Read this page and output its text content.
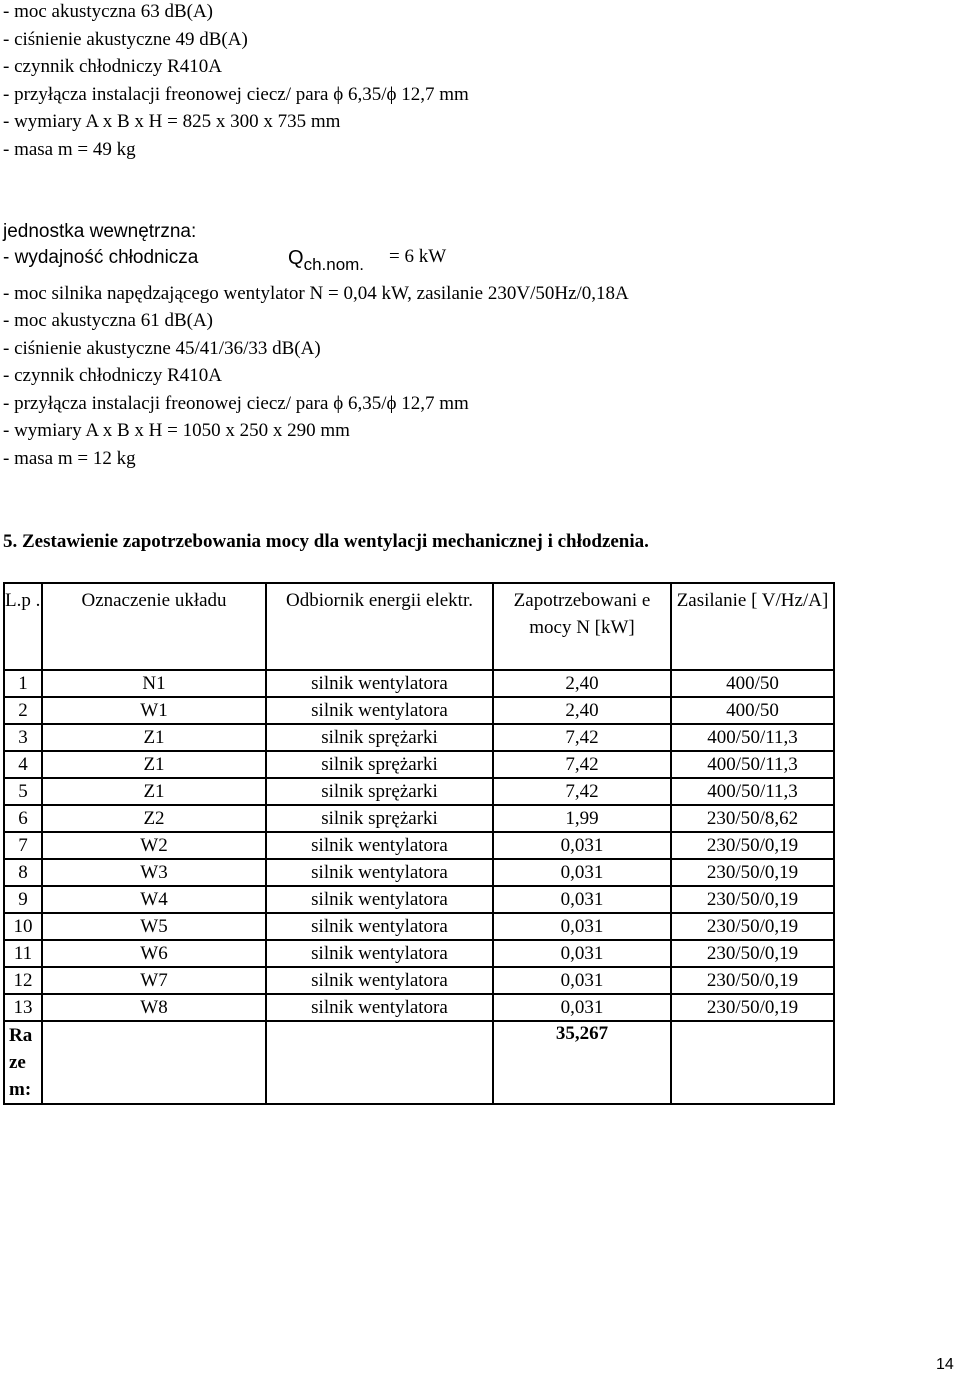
- moc akustyczna 63 dB(A)
- ciśnienie akustyczne 49 dB(A)
- czynnik chłodniczy R410A
- przyłącza instalacji freonowej ciecz/ para ϕ 6,35/ϕ 12,7 mm
- wymiary A x B x H = 825 x 300 x 735 mm
- masa m = 49 kg
jednostka wewnętrzna:
- wydajność chłodnicza	$Q_{ch.nom.} = 6$ kW
- moc silnika napędzającego wentylator N = 0,04 kW, zasilanie 230V/50Hz/0,18A
- moc akustyczna 61 dB(A)
- ciśnienie akustyczne 45/41/36/33 dB(A)
- czynnik chłodniczy R410A
- przyłącza instalacji freonowej ciecz/ para ϕ 6,35/ϕ 12,7 mm
- wymiary A x B x H = 1050 x 250 x 290 mm
- masa m = 12 kg
5. Zestawienie zapotrzebowania mocy dla wentylacji mechanicznej i chłodzenia.
L.p .	Oznaczenie układu	Odbiornik energii elektr.	Zapotrzebowani e mocy N [kW]	Zasilanie [ V/Hz/A]
1	N1	silnik wentylatora	2,40	400/50
2	W1	silnik wentylatora	2,40	400/50
3	Z1	silnik sprężarki	7,42	400/50/11,3
4	Z1	silnik sprężarki	7,42	400/50/11,3
5	Z1	silnik sprężarki	7,42	400/50/11,3
6	Z2	silnik sprężarki	1,99	230/50/8,62
7	W2	silnik wentylatora	0,031	230/50/0,19
8	W3	silnik wentylatora	0,031	230/50/0,19
9	W4	silnik wentylatora	0,031	230/50/0,19
10	W5	silnik wentylatora	0,031	230/50/0,19
11	W6	silnik wentylatora	0,031	230/50/0,19
12	W7	silnik wentylatora	0,031	230/50/0,19
13	W8	silnik wentylatora	0,031	230/50/0,19
Ra ze m:			35,267	
14
